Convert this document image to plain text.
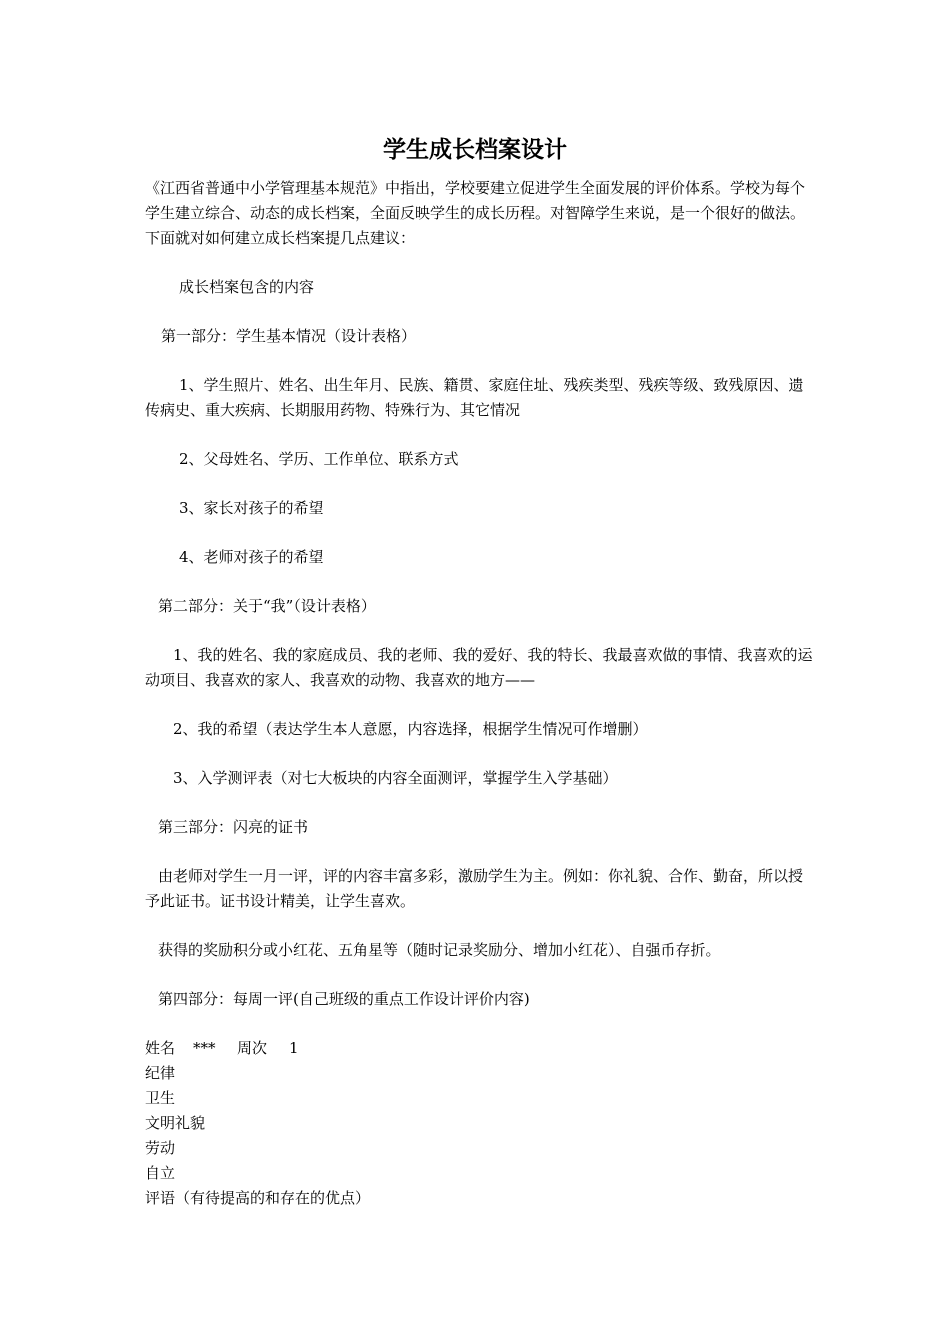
学生成长档案设计

《江西省普通中小学管理基本规范》中指出，学校要建立促进学生全面发展的评价体系。学校为每个学生建立综合、动态的成长档案，全面反映学生的成长历程。对智障学生来说，是一个很好的做法。下面就对如何建立成长档案提几点建议：

成长档案包含的内容

第一部分：学生基本情况（设计表格）

1、学生照片、姓名、出生年月、民族、籍贯、家庭住址、残疾类型、残疾等级、致残原因、遗传病史、重大疾病、长期服用药物、特殊行为、其它情况

2、父母姓名、学历、工作单位、联系方式

3、家长对孩子的希望

4、老师对孩子的希望

第二部分：关于“我”（设计表格）

1、我的姓名、我的家庭成员、我的老师、我的爱好、我的特长、我最喜欢做的事情、我喜欢的运动项目、我喜欢的家人、我喜欢的动物、我喜欢的地方——

2、我的希望（表达学生本人意愿，内容选择，根据学生情况可作增删）

3、入学测评表（对七大板块的内容全面测评，掌握学生入学基础）

第三部分：闪亮的证书

由老师对学生一月一评，评的内容丰富多彩，激励学生为主。例如：你礼貌、合作、勤奋，所以授予此证书。证书设计精美，让学生喜欢。

获得的奖励积分或小红花、五角星等（随时记录奖励分、增加小红花）、自强币存折。

第四部分：每周一评(自己班级的重点工作设计评价内容)

姓名 *** 周次 1
纪律
卫生
文明礼貌
劳动
自立
评语（有待提高的和存在的优点）
